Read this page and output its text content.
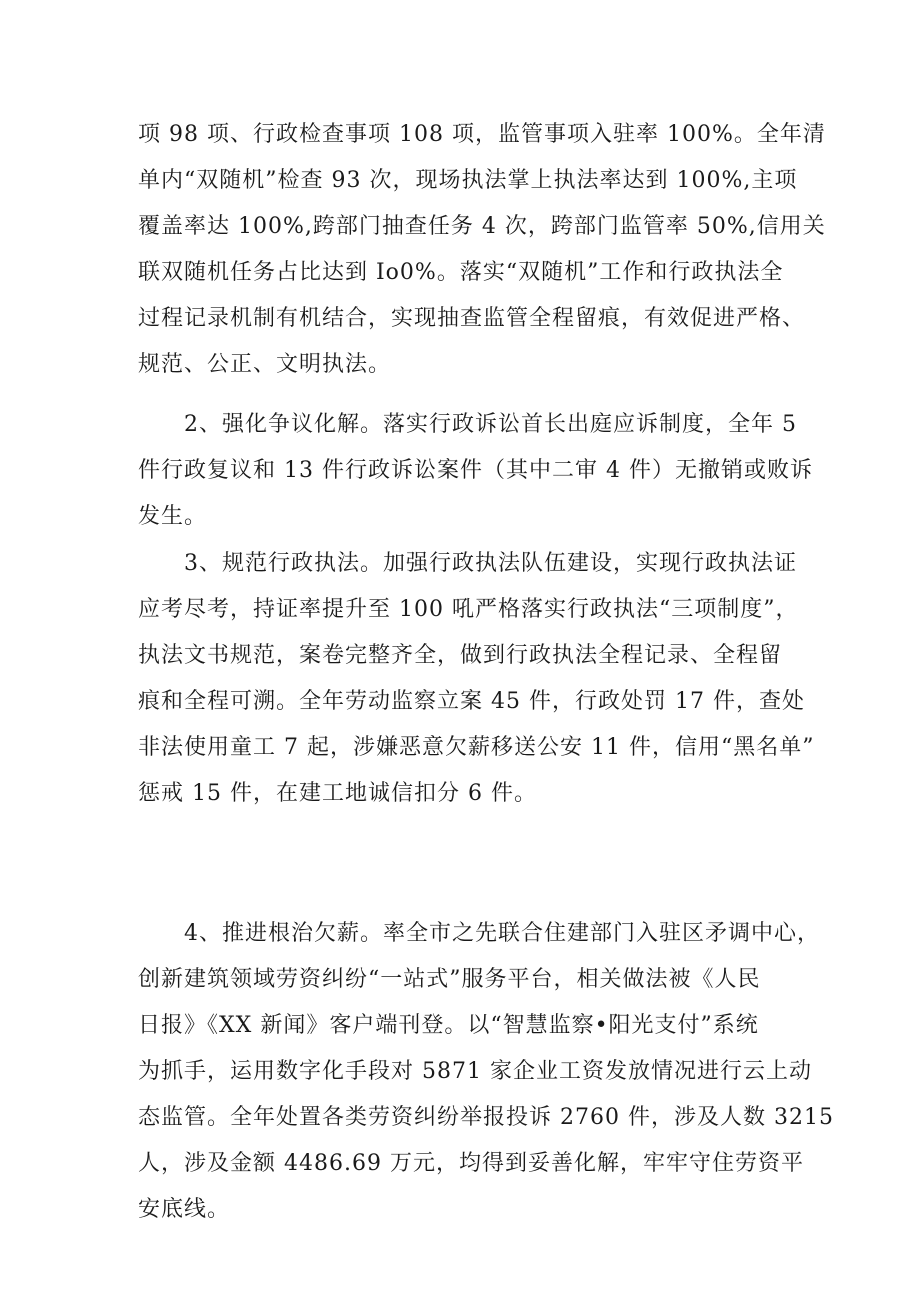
项 98 项、行政检查事项 108 项，监管事项入驻率 100%。全年清
单内“双随机”检查 93 次，现场执法掌上执法率达到 100%,主项
覆盖率达 100%,跨部门抽查任务 4 次，跨部门监管率 50%,信用关
联双随机任务占比达到 Io0%。落实“双随机”工作和行政执法全
过程记录机制有机结合，实现抽查监管全程留痕，有效促进严格、
规范、公正、文明执法。

2、强化争议化解。落实行政诉讼首长出庭应诉制度，全年 5
件行政复议和 13 件行政诉讼案件（其中二审 4 件）无撤销或败诉
发生。

3、规范行政执法。加强行政执法队伍建设，实现行政执法证
应考尽考，持证率提升至 100 吼严格落实行政执法“三项制度”，
执法文书规范，案卷完整齐全，做到行政执法全程记录、全程留
痕和全程可溯。全年劳动监察立案 45 件，行政处罚 17 件，查处
非法使用童工 7 起，涉嫌恶意欠薪移送公安 11 件，信用“黑名单”
惩戒 15 件，在建工地诚信扣分 6 件。

4、推进根治欠薪。率全市之先联合住建部门入驻区矛调中心，
创新建筑领域劳资纠纷“一站式”服务平台，相关做法被《人民
日报》《XX 新闻》客户端刊登。以“智慧监察•阳光支付”系统
为抓手，运用数字化手段对 5871 家企业工资发放情况进行云上动
态监管。全年处置各类劳资纠纷举报投诉 2760 件，涉及人数 3215
人，涉及金额 4486.69 万元，均得到妥善化解，牢牢守住劳资平
安底线。
